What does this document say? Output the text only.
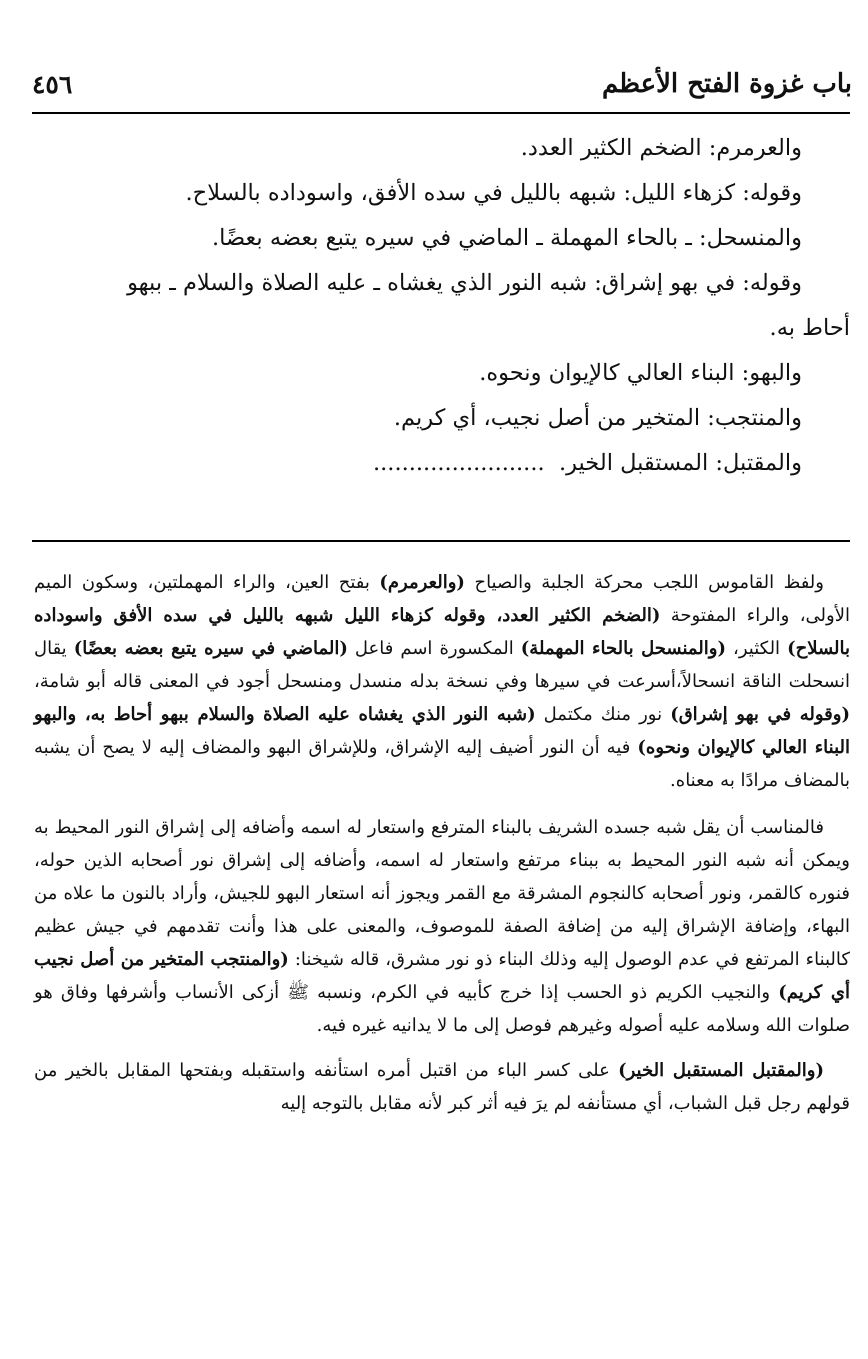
باب غزوة الفتح الأعظم
٤٥٦
والعرمرم: الضخم الكثير العدد.
وقوله: كزهاء الليل: شبهه بالليل في سده الأفق، واسوداده بالسلاح.
والمنسحل: ـ بالحاء المهملة ـ الماضي في سيره يتبع بعضه بعضًا.
وقوله: في بهو إشراق: شبه النور الذي يغشاه ـ عليه الصلاة والسلام ـ ببهو
أحاط به.
والبهو: البناء العالي كالإيوان ونحوه.
والمنتجب: المتخير من أصل نجيب، أي كريم.
والمقتبل: المستقبل الخير.  ........................

ولفظ القاموس اللجب محركة الجلبة والصياح (والعرمرم) بفتح العين، والراء المهملتين، وسكون الميم الأولى، والراء المفتوحة (الضخم الكثير العدد، وقوله كزهاء الليل شبهه بالليل في سده الأفق واسوداده بالسلاح) الكثير، (والمنسحل بالحاء المهملة) المكسورة اسم فاعل (الماضي في سيره يتبع بعضه بعضًا) يقال انسحلت الناقة انسحالاً،أسرعت في سيرها وفي نسخة بدله منسدل ومنسحل أجود في المعنى قاله أبو شامة، (وقوله في بهو إشراق) نور منك مكتمل (شبه النور الذي يغشاه عليه الصلاة والسلام ببهو أحاط به، والبهو البناء العالي كالإيوان ونحوه) فيه أن النور أضيف إليه الإشراق، وللإشراق البهو والمضاف إليه لا يصح أن يشبه بالمضاف مرادًا به معناه.

فالمناسب أن يقل شبه جسده الشريف بالبناء المترفع واستعار له اسمه وأضافه إلى إشراق النور المحيط به ويمكن أنه شبه النور المحيط به ببناء مرتفع واستعار له اسمه، وأضافه إلى إشراق نور أصحابه الذين حوله، فنوره كالقمر، ونور أصحابه كالنجوم المشرقة مع القمر ويجوز أنه استعار البهو للجيش، وأراد بالنون ما علاه من البهاء، وإضافة الإشراق إليه من إضافة الصفة للموصوف، والمعنى على هذا وأنت تقدمهم في جيش عظيم كالبناء المرتفع في عدم الوصول إليه وذلك البناء ذو نور مشرق، قاله شيخنا: (والمنتجب المتخير من أصل نجيب أي كريم) والنجيب الكريم ذو الحسب إذا خرج كأبيه في الكرم، ونسبه ﷺ أزكى الأنساب وأشرفها وفاق هو صلوات الله وسلامه عليه أصوله وغيرهم فوصل إلى ما لا يدانيه غيره فيه.

(والمقتبل المستقبل الخير) على كسر الباء من اقتبل أمره استأنفه واستقبله وبفتحها المقابل بالخير من قولهم رجل قبل الشباب، أي مستأنفه لم يرَ فيه أثر كبر لأنه مقابل بالتوجه إليه
